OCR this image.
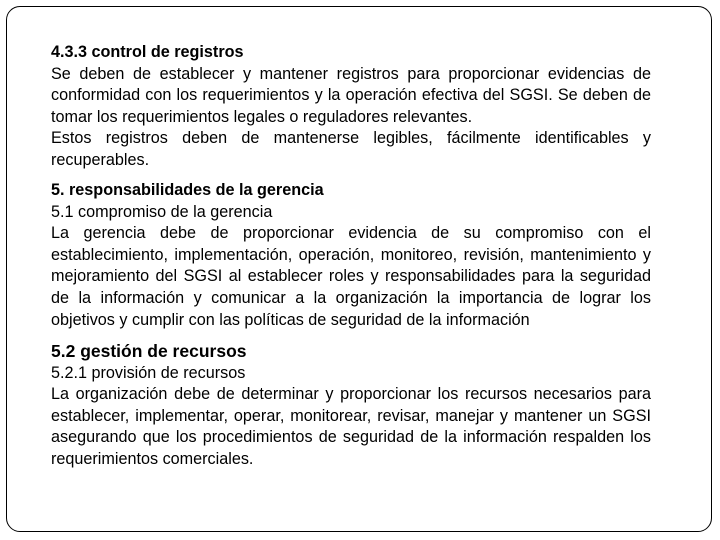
4.3.3 control de registros

Se deben de establecer y mantener registros para proporcionar evidencias de conformidad con los requerimientos y la operación efectiva del SGSI. Se deben de tomar los requerimientos legales o reguladores relevantes.

Estos registros deben de mantenerse legibles, fácilmente identificables y recuperables.

5. responsabilidades de la gerencia

5.1 compromiso de la gerencia

La gerencia debe de proporcionar evidencia de su compromiso con el establecimiento, implementación, operación, monitoreo, revisión, mantenimiento y mejoramiento del SGSI al establecer roles y responsabilidades para la seguridad de la información y comunicar a la organización la importancia de lograr los objetivos y cumplir con las políticas de seguridad de la información

5.2 gestión de recursos

5.2.1 provisión de recursos

La organización debe de determinar y proporcionar los recursos necesarios para establecer, implementar, operar, monitorear, revisar, manejar y mantener un SGSI asegurando que los procedimientos de seguridad de la información respalden los requerimientos comerciales.
